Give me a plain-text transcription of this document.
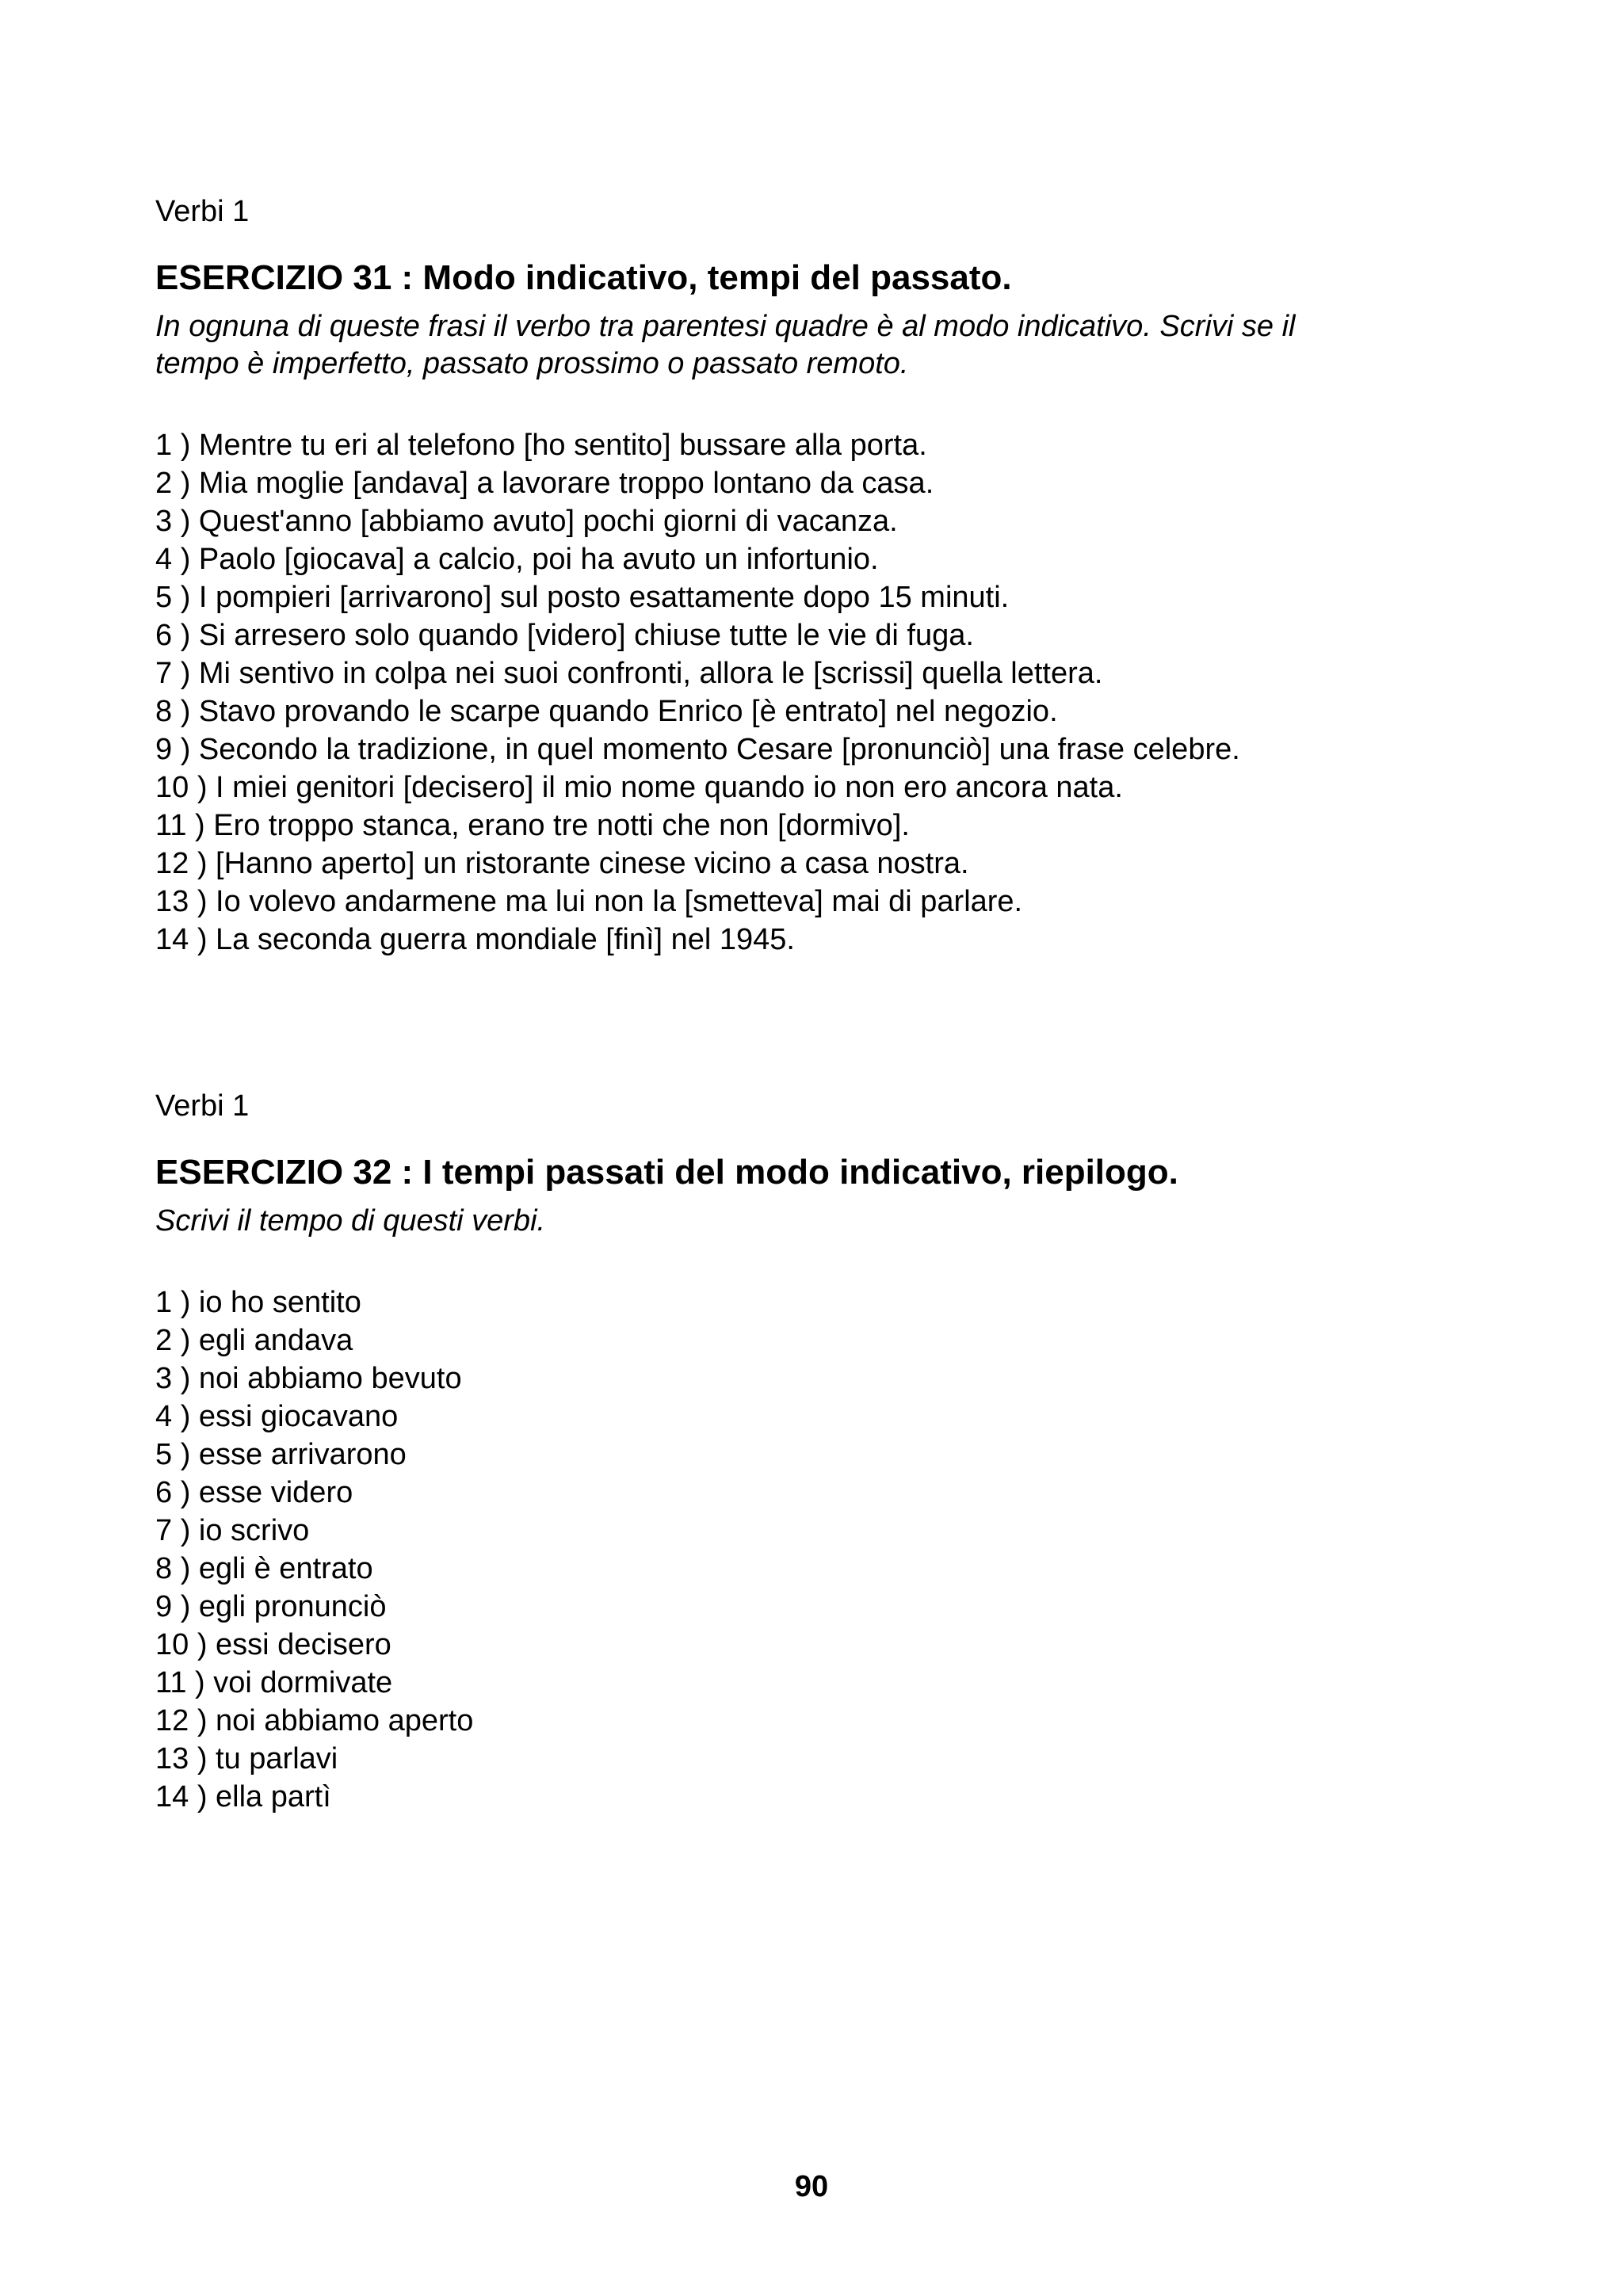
Verbi 1

ESERCIZIO 31 : Modo indicativo, tempi del passato.

In ognuna di queste frasi il verbo tra parentesi quadre è al modo indicativo. Scrivi se il
tempo è imperfetto, passato prossimo o passato remoto.

1 ) Mentre tu eri al telefono [ho sentito] bussare alla porta.
2 ) Mia moglie [andava] a lavorare troppo lontano da casa.
3 ) Quest'anno [abbiamo avuto] pochi giorni di vacanza.
4 ) Paolo [giocava] a calcio, poi ha avuto un infortunio.
5 ) I pompieri [arrivarono] sul posto esattamente dopo 15 minuti.
6 ) Si arresero solo quando [videro] chiuse tutte le vie di fuga.
7 ) Mi sentivo in colpa nei suoi confronti, allora le [scrissi] quella lettera.
8 ) Stavo provando le scarpe quando Enrico [è entrato] nel negozio.
9 ) Secondo la tradizione, in quel momento Cesare [pronunciò] una frase celebre.
10 ) I miei genitori [decisero] il mio nome quando io non ero ancora nata.
11 ) Ero troppo stanca, erano tre notti che non [dormivo].
12 ) [Hanno aperto] un ristorante cinese vicino a casa nostra.
13 ) Io volevo andarmene ma lui non la [smetteva] mai di parlare.
14 ) La seconda guerra mondiale [finì] nel 1945.

Verbi 1

ESERCIZIO 32 : I tempi passati del modo indicativo, riepilogo.

Scrivi il tempo di questi verbi.

1 ) io ho sentito
2 ) egli andava
3 ) noi abbiamo bevuto
4 ) essi giocavano
5 ) esse arrivarono
6 ) esse videro
7 ) io scrivo
8 ) egli è entrato
9 ) egli pronunciò
10 ) essi decisero
11 ) voi dormivate
12 ) noi abbiamo aperto
13 ) tu parlavi
14 ) ella partì
90
